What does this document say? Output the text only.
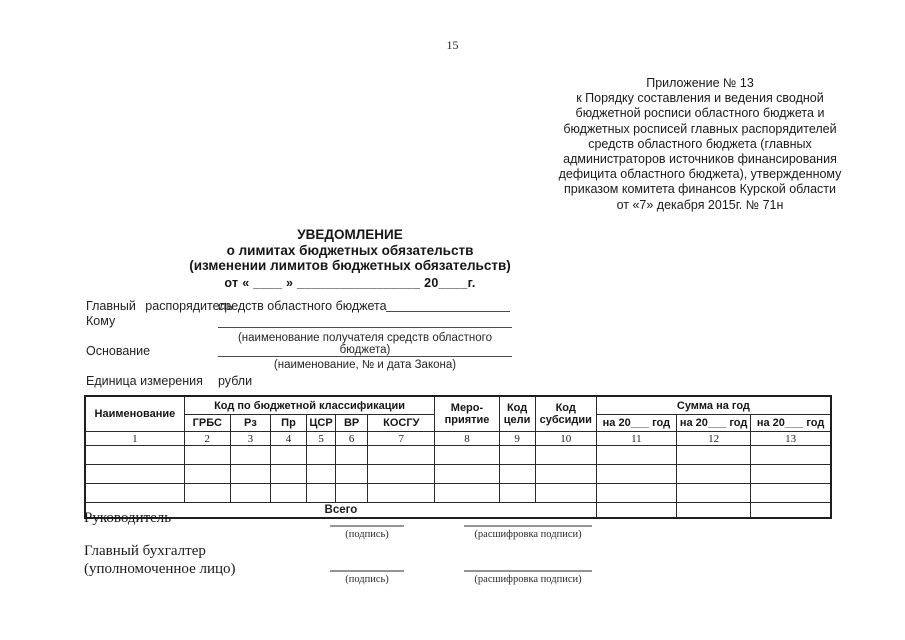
15
Приложение № 13
к Порядку составления и ведения сводной
бюджетной росписи областного бюджета и
бюджетных росписей главных распорядителей
средств областного бюджета (главных
администраторов источников финансирования
дефицита областного бюджета), утвержденному
приказом комитета финансов Курской области
от «7» декабря 2015г. № 71н
УВЕДОМЛЕНИЕ
о лимитах бюджетных обязательств
(изменении лимитов бюджетных обязательств)
от « ____ » _________________ 20____г.
Главный распорядитель
средств областного бюджета
Кому
(наименование получателя средств областного бюджета)
Основание
(наименование, № и дата Закона)
Единица измерения рубли
Наименование	Код по бюджетной классификации						Меро-приятие	Код цели	Код субсидии	Сумма на год		
	ГРБС	Рз	Пр	ЦСР	ВР	КОСГУ				на 20___ год	на 20___ год	на 20___ год
1	2	3	4	5	6	7	8	9	10	11	12	13

Всего												
Руководитель
(подпись)	(расшифровка подписи)
Главный бухгалтер
(уполномоченное лицо)
(подпись)	(расшифровка подписи)
